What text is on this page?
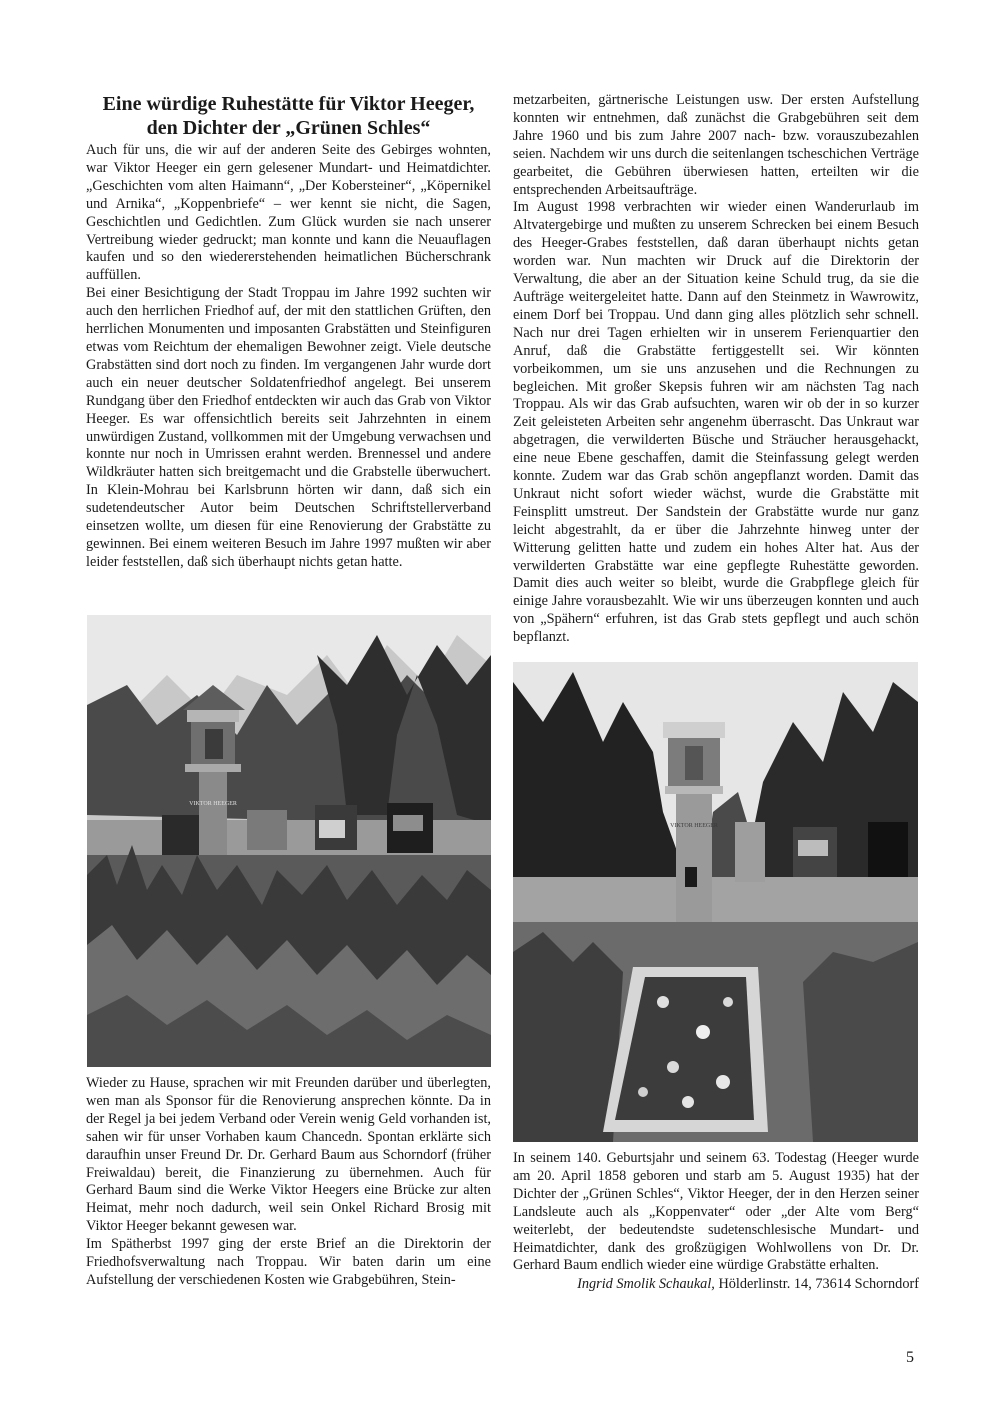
Eine würdige Ruhestätte für Viktor Heeger,
den Dichter der „Grünen Schles“

Auch für uns, die wir auf der anderen Seite des Gebirges wohnten, war Viktor Heeger ein gern gelesener Mundart- und Heimatdichter. „Geschichten vom alten Haimann“, „Der Kobersteiner“, „Köpernikel und Arnika“, „Koppenbriefe“ – wer kennt sie nicht, die Sagen, Geschichtlen und Gedichtlen. Zum Glück wurden sie nach unserer Vertreibung wieder gedruckt; man konnte und kann die Neuauflagen kaufen und so den wiedererstehenden heimatlichen Bücherschrank auffüllen.

Bei einer Besichtigung der Stadt Troppau im Jahre 1992 suchten wir auch den herrlichen Friedhof auf, der mit den stattlichen Grüften, den herrlichen Monumenten und imposanten Grabstätten und Steinfiguren etwas vom Reichtum der ehemaligen Bewohner zeigt. Viele deutsche Grabstätten sind dort noch zu finden. Im vergangenen Jahr wurde dort auch ein neuer deutscher Soldatenfriedhof angelegt. Bei unserem Rundgang über den Friedhof entdeckten wir auch das Grab von Viktor Heeger. Es war offensichtlich bereits seit Jahrzehnten in einem unwürdigen Zustand, vollkommen mit der Umgebung verwachsen und konnte nur noch in Umrissen erahnt werden. Brennessel und andere Wildkräuter hatten sich breitgemacht und die Grabstelle überwuchert. In Klein-Mohrau bei Karlsbrunn hörten wir dann, daß sich ein sudetendeutscher Autor beim Deutschen Schriftstellerverband einsetzen wollte, um diesen für eine Renovierung der Grabstätte zu gewinnen. Bei einem weiteren Besuch im Jahre 1997 mußten wir aber leider feststellen, daß sich überhaupt nichts getan hatte.

VIKTOR HEEGER

Wieder zu Hause, sprachen wir mit Freunden darüber und überlegten, wen man als Sponsor für die Renovierung ansprechen könnte. Da in der Regel ja bei jedem Verband oder Verein wenig Geld vorhanden ist, sahen wir für unser Vorhaben kaum Chancedn. Spontan erklärte sich daraufhin unser Freund Dr. Dr. Gerhard Baum aus Schorndorf (früher Freiwaldau) bereit, die Finanzierung zu übernehmen. Auch für Gerhard Baum sind die Werke Viktor Heegers eine Brücke zur alten Heimat, mehr noch dadurch, weil sein Onkel Richard Brosig mit Viktor Heeger bekannt gewesen war.

Im Spätherbst 1997 ging der erste Brief an die Direktorin der Friedhofsverwaltung nach Troppau. Wir baten darin um eine Aufstellung der verschiedenen Kosten wie Grabgebühren, Stein-

metzarbeiten, gärtnerische Leistungen usw. Der ersten Aufstellung konnten wir entnehmen, daß zunächst die Grabgebühren seit dem Jahre 1960 und bis zum Jahre 2007 nach- bzw. vorauszubezahlen seien. Nachdem wir uns durch die seitenlangen tscheschichen Verträge gearbeitet, die Gebühren überwiesen hatten, erteilten wir die entsprechenden Arbeitsaufträge.

Im August 1998 verbrachten wir wieder einen Wanderurlaub im Altvatergebirge und mußten zu unserem Schrecken bei einem Besuch des Heeger-Grabes feststellen, daß daran überhaupt nichts getan worden war. Nun machten wir Druck auf die Direktorin der Verwaltung, die aber an der Situation keine Schuld trug, da sie die Aufträge weitergeleitet hatte. Dann auf den Steinmetz in Wawrowitz, einem Dorf bei Troppau. Und dann ging alles plötzlich sehr schnell. Nach nur drei Tagen erhielten wir in unserem Ferienquartier den Anruf, daß die Grabstätte fertiggestellt sei. Wir könnten vorbeikommen, um sie uns anzusehen und die Rechnungen zu begleichen. Mit großer Skepsis fuhren wir am nächsten Tag nach Troppau. Als wir das Grab aufsuchten, waren wir ob der in so kurzer Zeit geleisteten Arbeiten sehr angenehm überrascht. Das Unkraut war abgetragen, die verwilderten Büsche und Sträucher herausgehackt, eine neue Ebene geschaffen, damit die Steinfassung gelegt werden konnte. Zudem war das Grab schön angepflanzt worden. Damit das Unkraut nicht sofort wieder wächst, wurde die Grabstätte mit Feinsplitt umstreut. Der Sandstein der Grabstätte wurde nur ganz leicht abgestrahlt, da er über die Jahrzehnte hinweg unter der Witterung gelitten hatte und zudem ein hohes Alter hat. Aus der verwilderten Grabstätte war eine gepflegte Ruhestätte geworden. Damit dies auch weiter so bleibt, wurde die Grabpflege gleich für einige Jahre vorausbezahlt. Wie wir uns überzeugen konnten und auch von „Spähern“ erfuhren, ist das Grab stets gepflegt und auch schön bepflanzt.

VIKTOR HEEGER

In seinem 140. Geburtsjahr und seinem 63. Todestag (Heeger wurde am 20. April 1858 geboren und starb am 5. August 1935) hat der Dichter der „Grünen Schles“, Viktor Heeger, der in den Herzen seiner Landsleute auch als „Koppenvater“ oder „der Alte vom Berg“ weiterlebt, der bedeutendste sudetenschlesische Mundart- und Heimatdichter, dank des großzügigen Wohlwollens von Dr. Dr. Gerhard Baum endlich wieder eine würdige Grabstätte erhalten.

Ingrid Smolik Schaukal, Hölderlinstr. 14, 73614 Schorndorf

5
